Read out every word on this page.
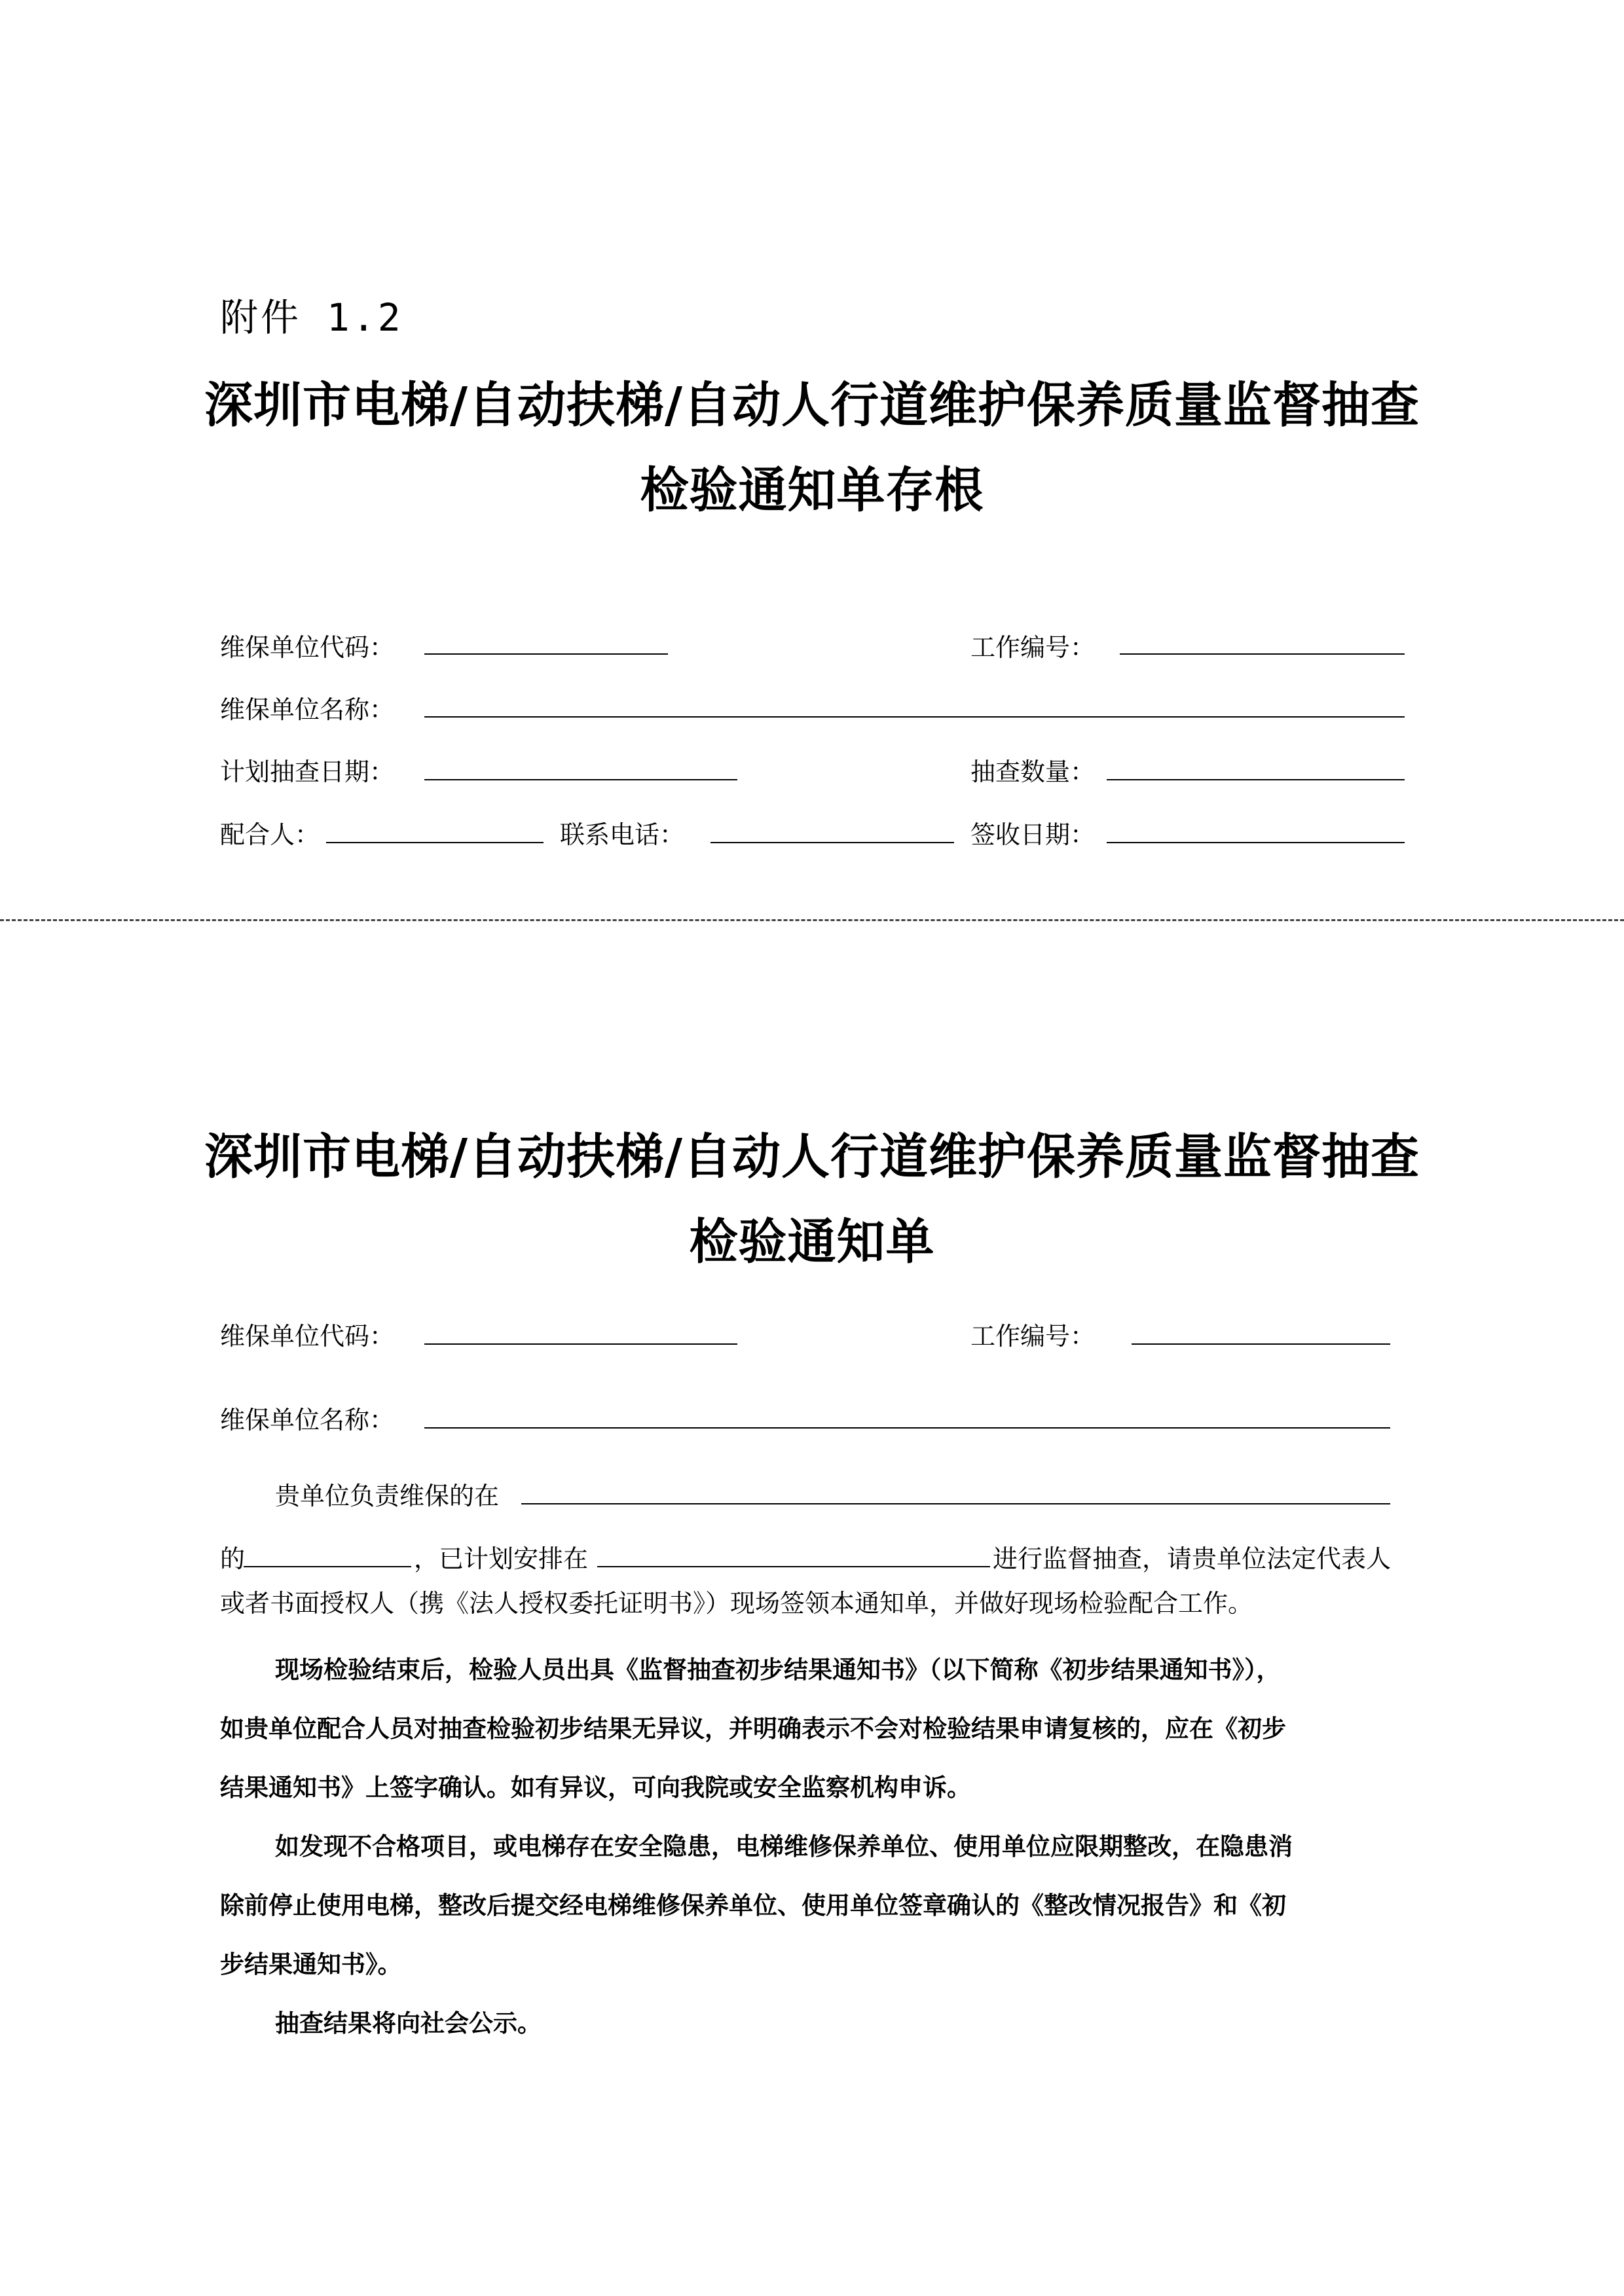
附件 1.2
深圳市电梯/自动扶梯/自动人行道维护保养质量监督抽查
检验通知单存根
维保单位代码：	工作编号：
维保单位名称：
计划抽查日期：	抽查数量：
配合人：	联系电话：	签收日期：
深圳市电梯/自动扶梯/自动人行道维护保养质量监督抽查
检验通知单
维保单位代码：	工作编号：
维保单位名称：
贵单位负责维保的在
的	，已计划安排在	进行监督抽查，请贵单位法定代表人
或者书面授权人（携《法人授权委托证明书》）现场签领本通知单，并做好现场检验配合工作。
现场检验结束后，检验人员出具《监督抽查初步结果通知书》（以下简称《初步结果通知书》），
如贵单位配合人员对抽查检验初步结果无异议，并明确表示不会对检验结果申请复核的，应在《初步
结果通知书》上签字确认。如有异议，可向我院或安全监察机构申诉。
如发现不合格项目，或电梯存在安全隐患，电梯维修保养单位、使用单位应限期整改，在隐患消
除前停止使用电梯，整改后提交经电梯维修保养单位、使用单位签章确认的《整改情况报告》和《初
步结果通知书》。
抽查结果将向社会公示。
